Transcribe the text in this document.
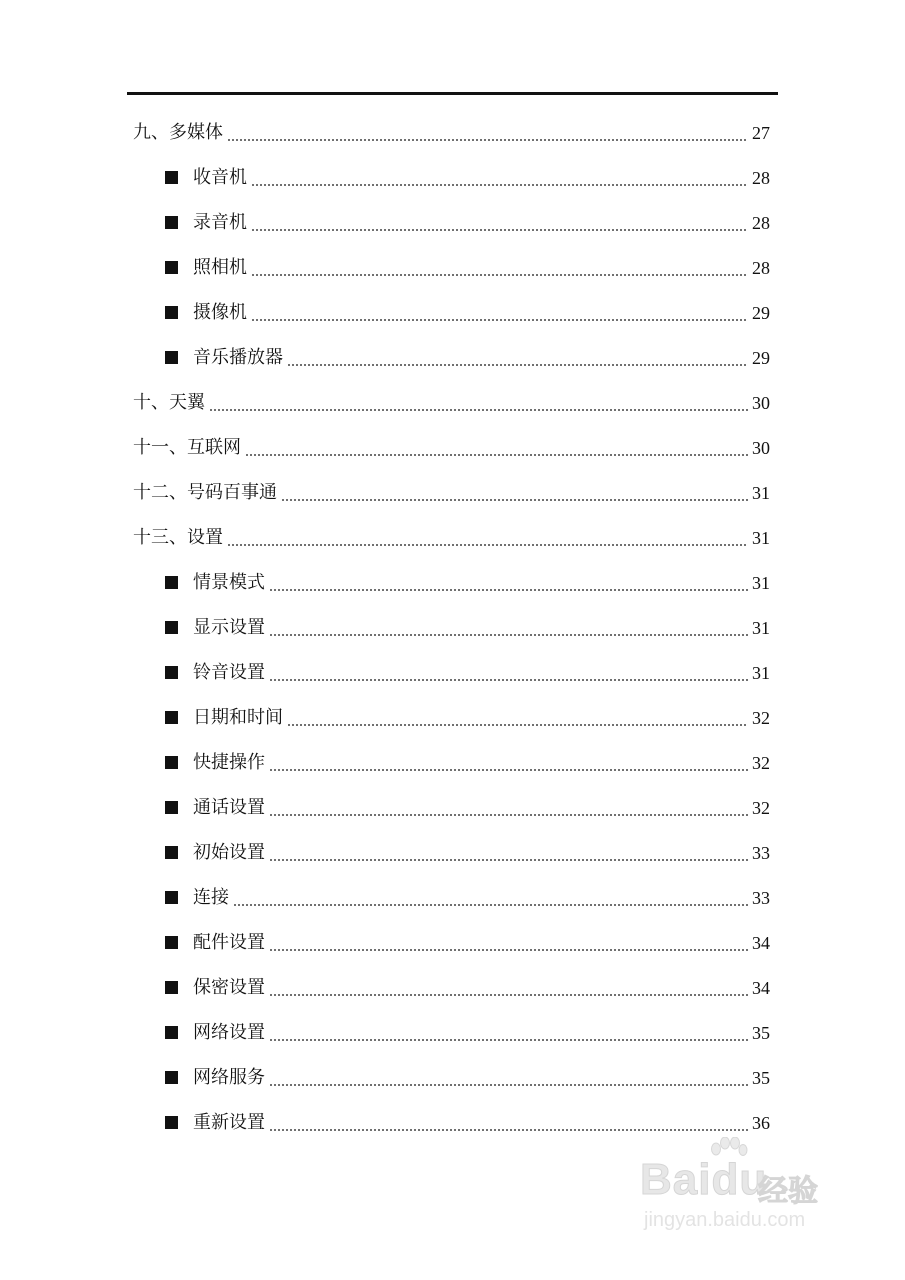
九、多媒体	27
收音机	28
录音机	28
照相机	28
摄像机	29
音乐播放器	29
十、天翼	30
十一、互联网	30
十二、号码百事通	31
十三、设置	31
情景模式	31
显示设置	31
铃音设置	31
日期和时间	32
快捷操作	32
通话设置	32
初始设置	33
连接	33
配件设置	34
保密设置	34
网络设置	35
网络服务	35
重新设置	36
Baidu
经验
jingyan.baidu.com
